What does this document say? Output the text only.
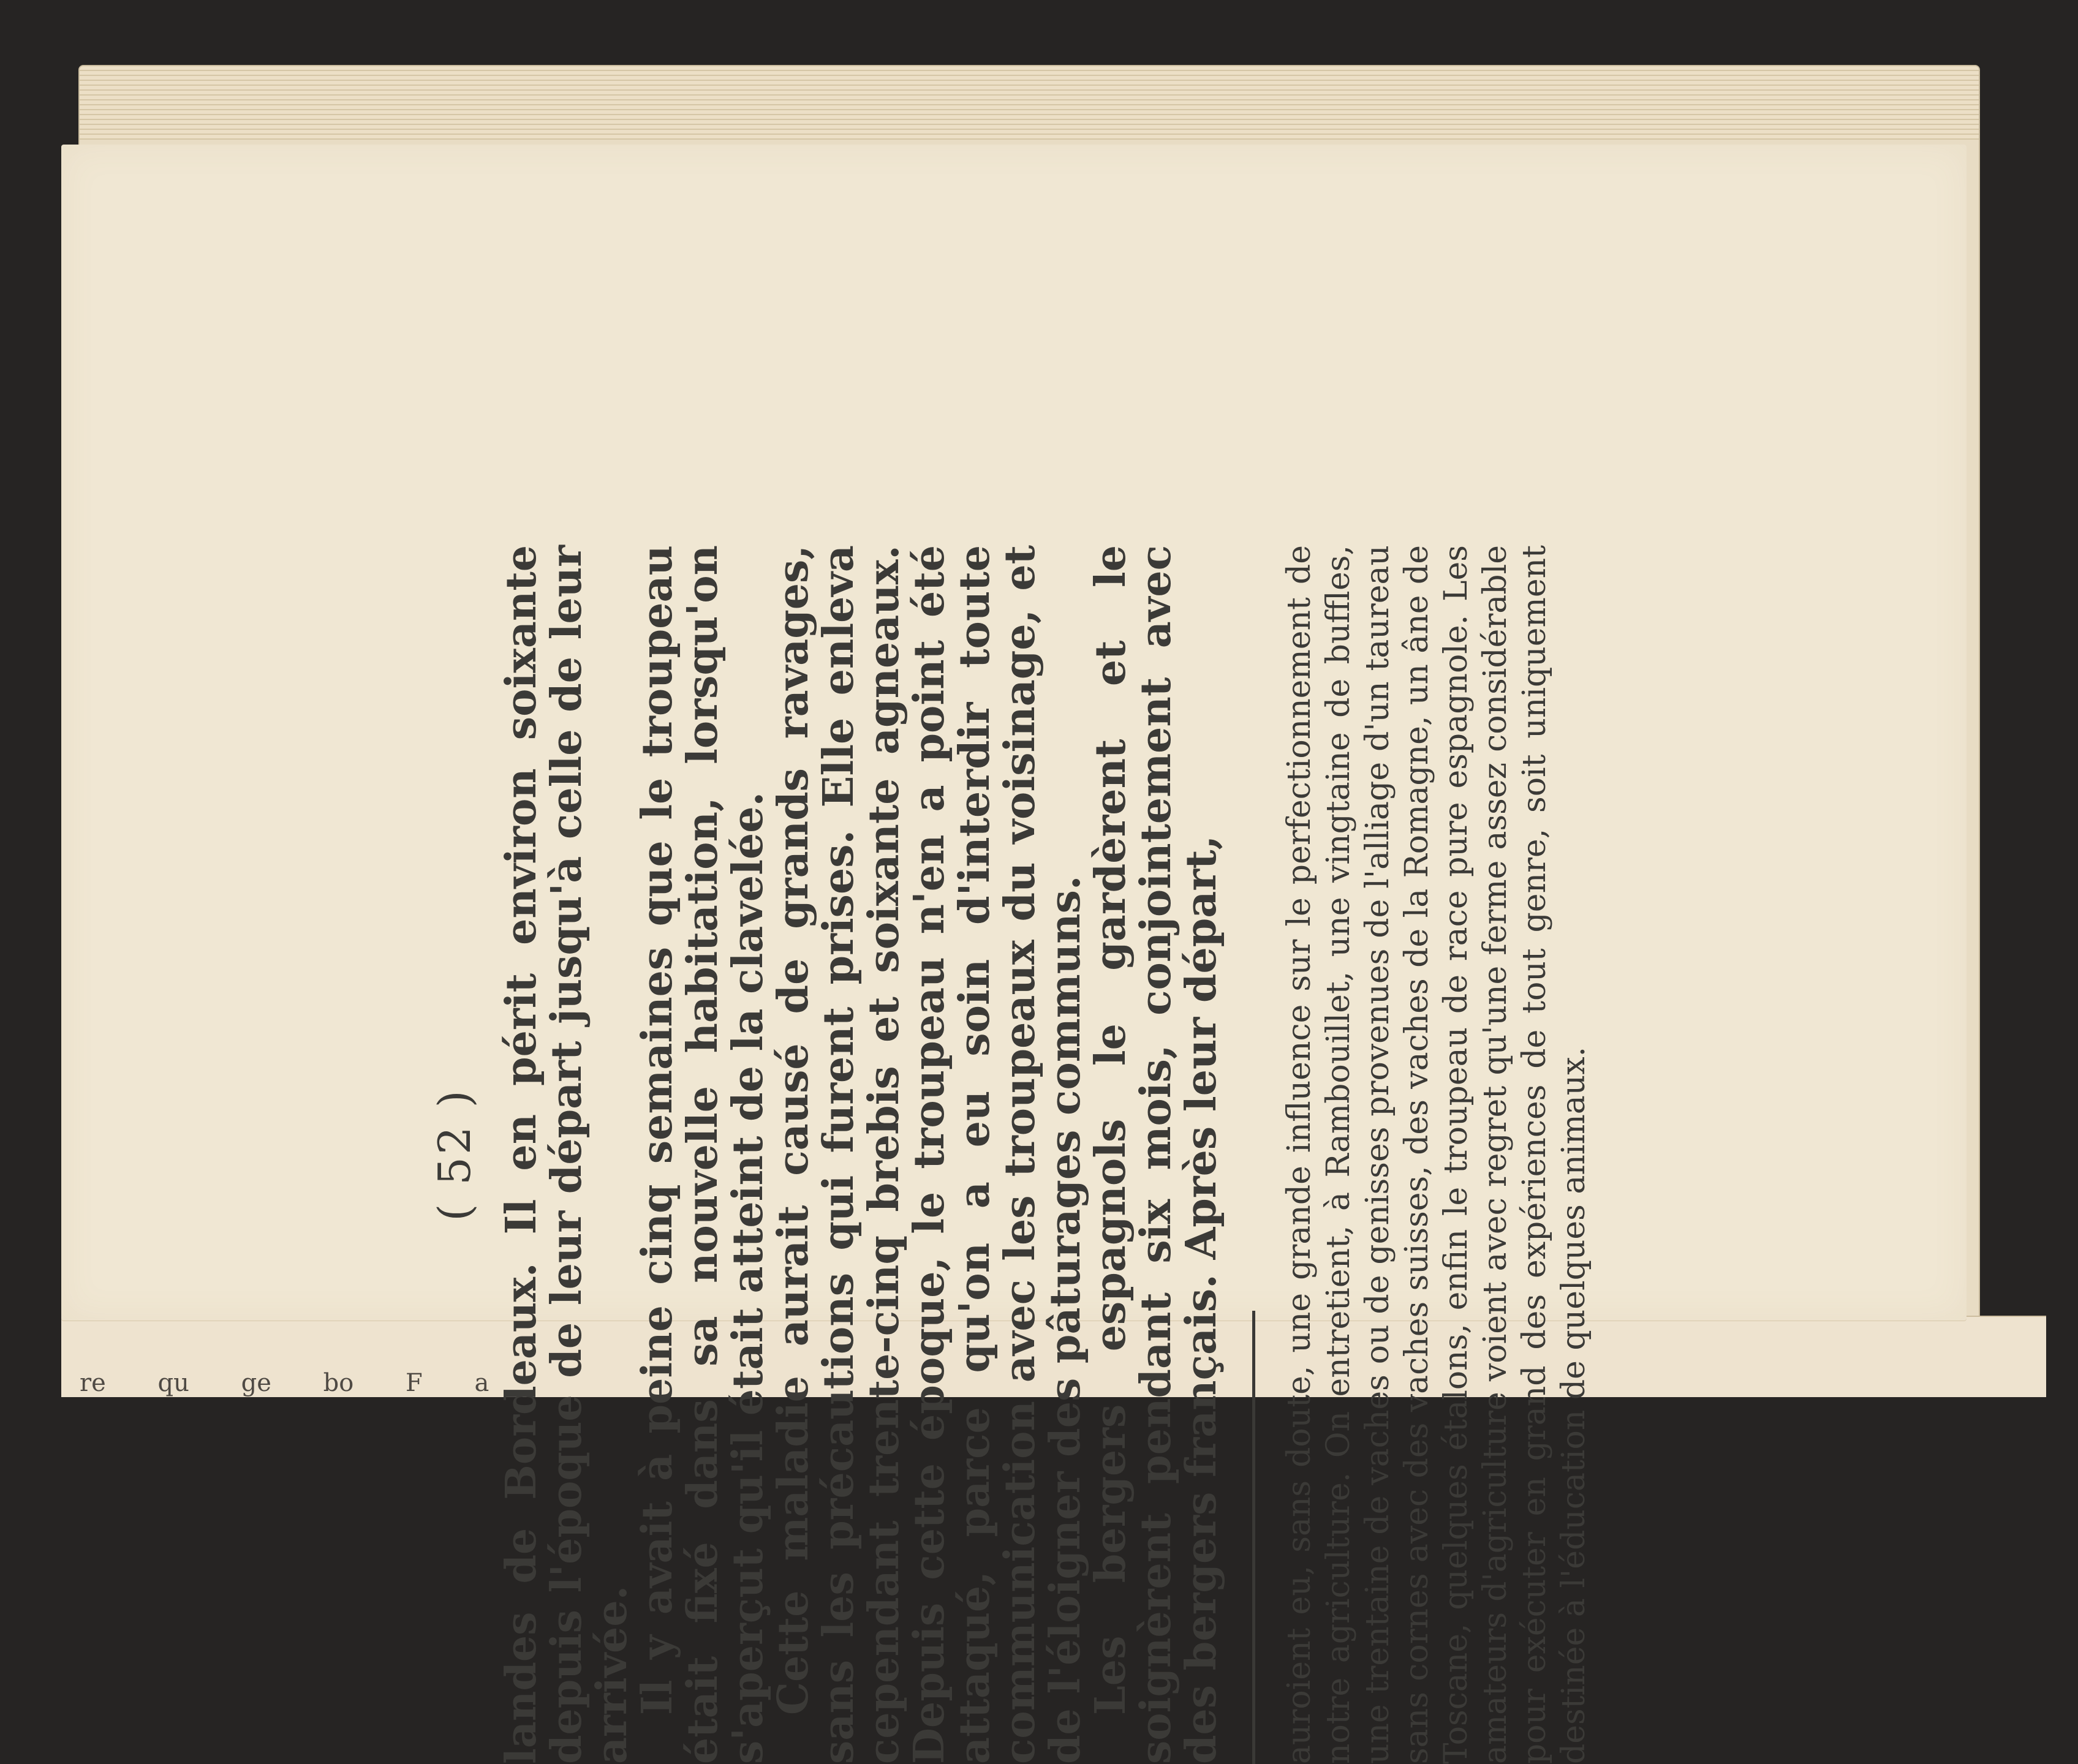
re qu ge bo F a
( 52 ) landes de Bordeaux. Il en périt environ soixante depuis l'époque de leur départ jusqu'à celle de leur arrivée.

Il y avait à peine cinq semaines que le troupeau était fixé dans sa nouvelle habitation, lorsqu'on s'aperçut qu'il était atteint de la clavelée.

Cette maladie aurait causé de grands ravages, sans les précautions qui furent prises. Elle enleva cependant trente-cinq brebis et soixante agneaux. Depuis cette époque, le troupeau n'en a point été attaqué, parce qu'on a eu soin d'interdir toute communication avec les troupeaux du voisinage, et de l'éloigner des pâturages communs.

Les bergers espagnols le gardèrent et le soignèrent pendant six mois, conjointement avec des bergers français. Après leur départ, auroient eu, sans doute, une grande influence sur le perfectionnement de notre agriculture. On entretient, à Rambouillet, une vingtaine de buffles, une trentaine de vaches ou de genisses provenues de l'alliage d'un taureau sans cornes avec des vaches suisses, des vaches de la Romagne, un âne de Toscane, quelques étalons, enfin le troupeau de race pure espagnole. Les amateurs d'agriculture voient avec regret qu'une ferme assez considérable pour exécuter en grand des expériences de tout genre, soit uniquement destinée à l'éducation de quelques animaux.
